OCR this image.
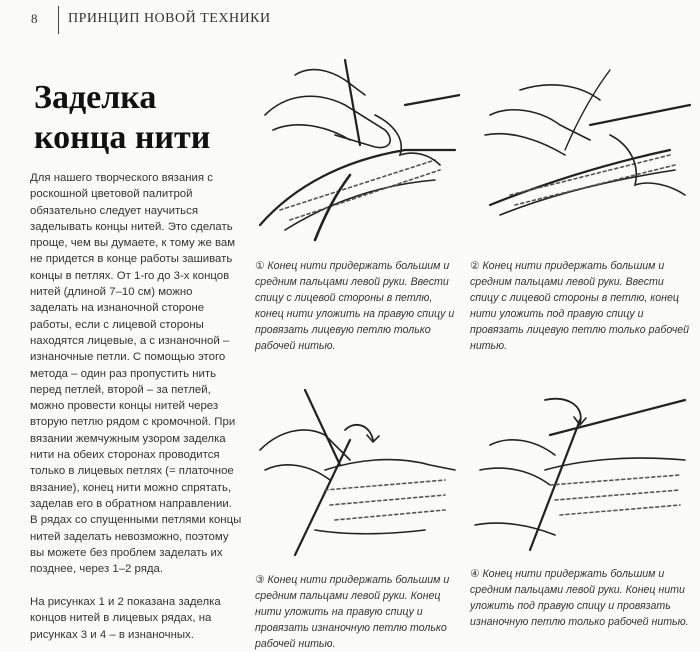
8 ПРИНЦИП НОВОЙ ТЕХНИКИ
Заделка
конца нити

Для нашего творческого вязания с роскошной цветовой палитрой обязательно следует научиться заделывать концы нитей. Это сделать проще, чем вы думаете, к тому же вам не придется в конце работы зашивать концы в петлях. От 1-го до 3-х концов нитей (длиной 7–10 см) можно заделать на изнаночной стороне работы, если с лицевой стороны находятся лицевые, а с изнаночной – изнаночные петли. С помощью этого метода – один раз пропустить нить перед петлей, второй – за петлей, можно провести концы нитей через вторую петлю рядом с кромочной. При вязании жемчужным узором заделка нити на обеих сторонах проводится только в лицевых петлях (= платочное вязание), конец нити можно спрятать, заделав его в обратном направлении. В рядах со спущенными петлями концы нитей заделать невозможно, поэтому вы можете без проблем заделать их позднее, через 1–2 ряда.

На рисунках 1 и 2 показана заделка концов нитей в лицевых рядах, на рисунках 3 и 4 – в изнаночных.

① Конец нити придержать большим и средним пальцами левой руки. Ввести спицу с лицевой стороны в петлю, конец нити уложить на правую спицу и провязать лицевую петлю только рабочей нитью.
② Конец нити придержать большим и средним пальцами левой руки. Ввести спицу с лицевой стороны в петлю, конец нити уложить под правую спицу и провязать лицевую петлю только рабочей нитью.
③ Конец нити придержать большим и средним пальцами левой руки. Конец нити уложить на правую спицу и провязать изнаночную петлю только рабочей нитью.
④ Конец нити придержать большим и средним пальцами левой руки. Конец нити уложить под правую спицу и провязать изнаночную петлю только рабочей нитью.
